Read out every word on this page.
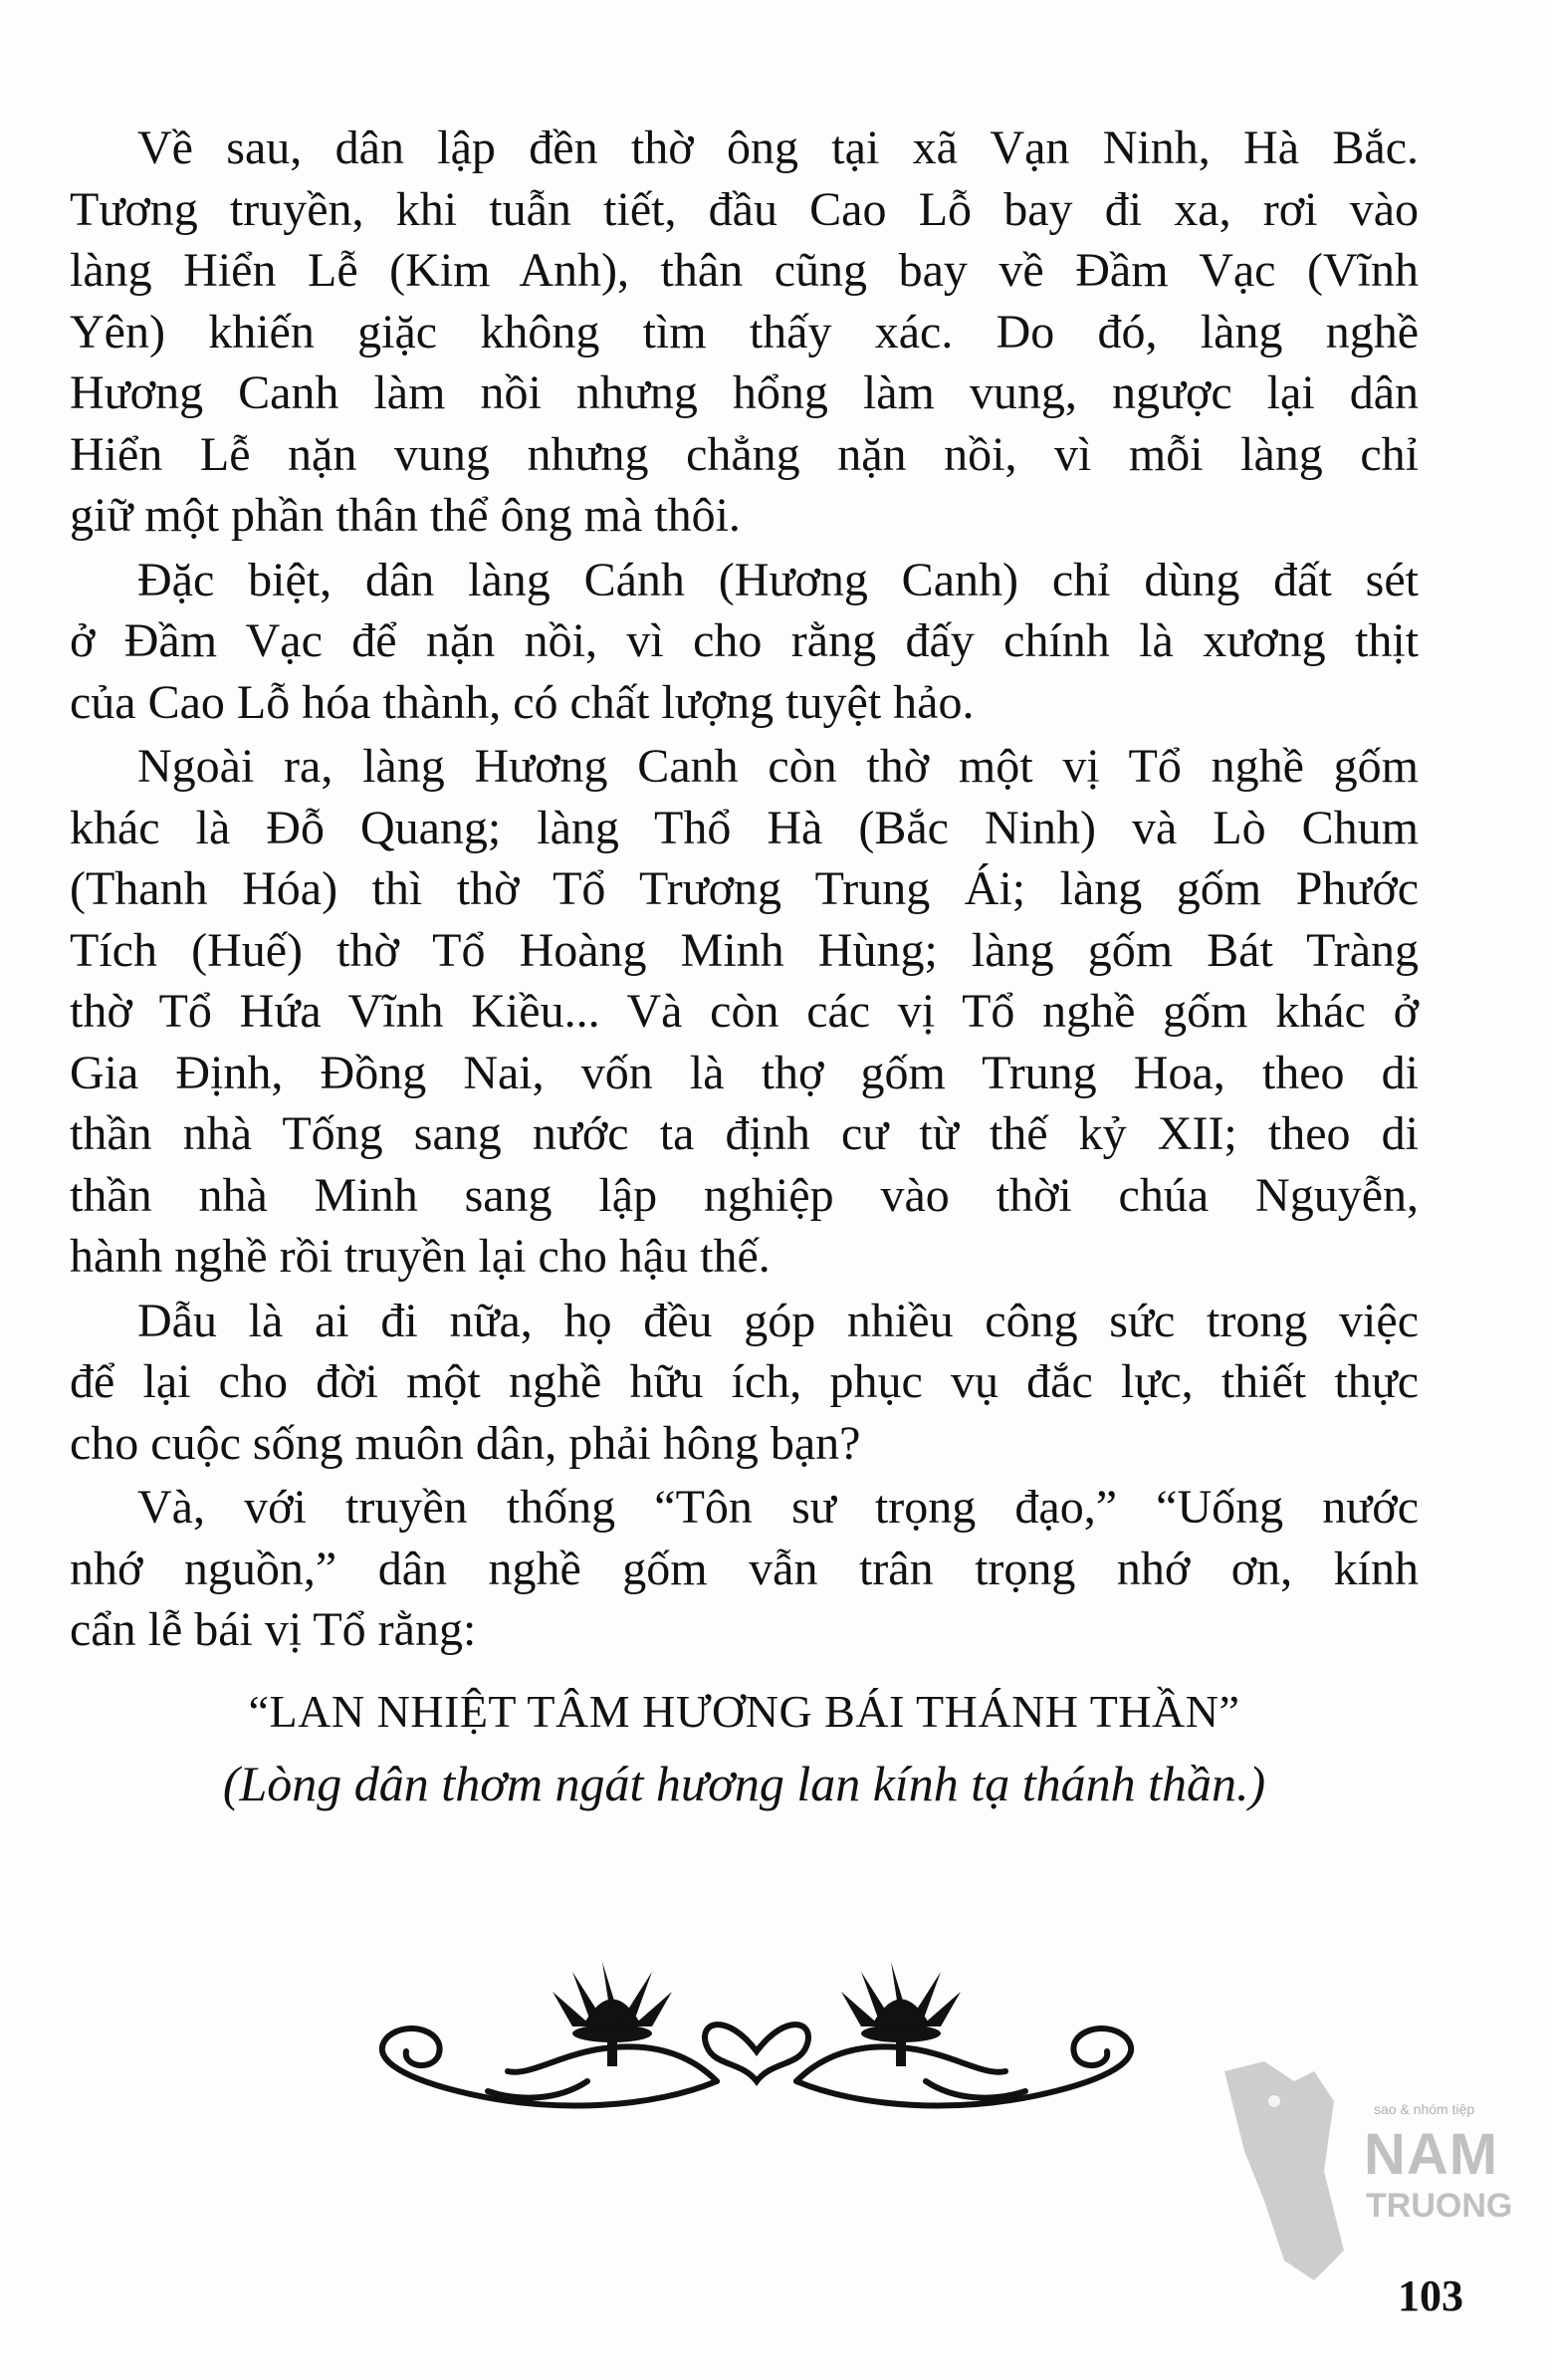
Về sau, dân lập đền thờ ông tại xã Vạn Ninh, Hà Bắc.
Tương truyền, khi tuẫn tiết, đầu Cao Lỗ bay đi xa, rơi vào
làng Hiển Lễ (Kim Anh), thân cũng bay về Đầm Vạc (Vĩnh
Yên) khiến giặc không tìm thấy xác. Do đó, làng nghề
Hương Canh làm nồi nhưng hổng làm vung, ngược lại dân
Hiển Lễ nặn vung nhưng chẳng nặn nồi, vì mỗi làng chỉ
giữ một phần thân thể ông mà thôi.
Đặc biệt, dân làng Cánh (Hương Canh) chỉ dùng đất sét
ở Đầm Vạc để nặn nồi, vì cho rằng đấy chính là xương thịt
của Cao Lỗ hóa thành, có chất lượng tuyệt hảo.
Ngoài ra, làng Hương Canh còn thờ một vị Tổ nghề gốm
khác là Đỗ Quang; làng Thổ Hà (Bắc Ninh) và Lò Chum
(Thanh Hóa) thì thờ Tổ Trương Trung Ái; làng gốm Phước
Tích (Huế) thờ Tổ Hoàng Minh Hùng; làng gốm Bát Tràng
thờ Tổ Hứa Vĩnh Kiều... Và còn các vị Tổ nghề gốm khác ở
Gia Định, Đồng Nai, vốn là thợ gốm Trung Hoa, theo di
thần nhà Tống sang nước ta định cư từ thế kỷ XII; theo di
thần nhà Minh sang lập nghiệp vào thời chúa Nguyễn,
hành nghề rồi truyền lại cho hậu thế.
Dẫu là ai đi nữa, họ đều góp nhiều công sức trong việc
để lại cho đời một nghề hữu ích, phục vụ đắc lực, thiết thực
cho cuộc sống muôn dân, phải hông bạn?
Và, với truyền thống “Tôn sư trọng đạo,” “Uống nước
nhớ nguồn,” dân nghề gốm vẫn trân trọng nhớ ơn, kính
cẩn lễ bái vị Tổ rằng:
“LAN NHIỆT TÂM HƯƠNG BÁI THÁNH THẦN”
(Lòng dân thơm ngát hương lan kính tạ thánh thần.)
sao & nhóm tiệp
NAM
TRUONG
103
